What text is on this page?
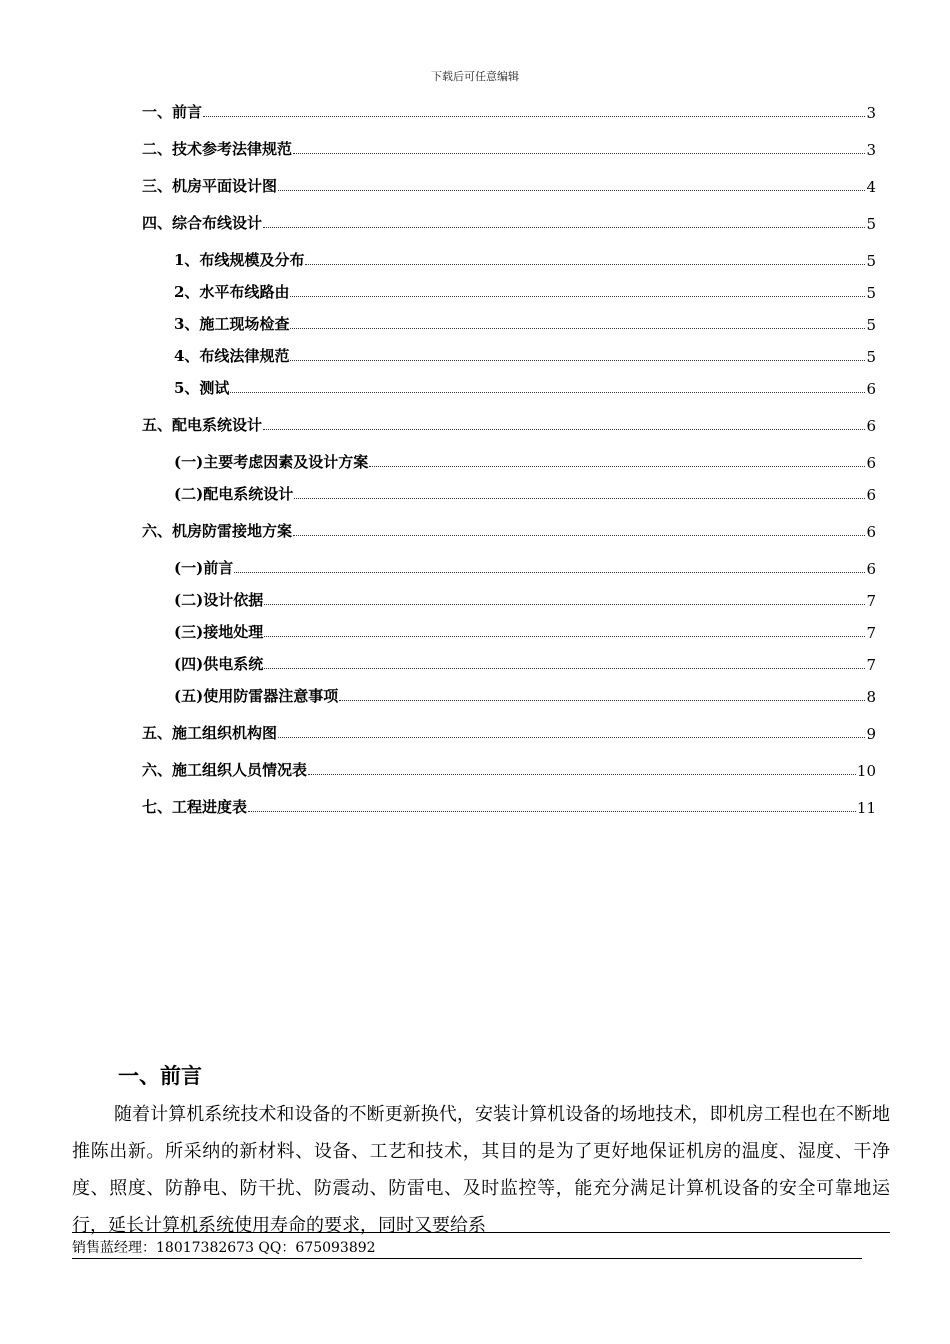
下载后可任意编辑
一、前言	3
二、技术参考法律规范	3
三、机房平面设计图	4
四、综合布线设计	5
1、布线规模及分布	5
2、水平布线路由	5
3、施工现场检查	5
4、布线法律规范	5
5、测试	6
五、配电系统设计	6
(一)主要考虑因素及设计方案	6
(二)配电系统设计	6
六、机房防雷接地方案	6
(一)前言	6
(二)设计依据	7
(三)接地处理	7
(四)供电系统	7
(五)使用防雷器注意事项	8
五、施工组织机构图	9
六、施工组织人员情况表	10
七、工程进度表	11
一、前言

随着计算机系统技术和设备的不断更新换代，安装计算机设备的场地技术，即机房工程也在不断地推陈出新。所采纳的新材料、设备、工艺和技术，其目的是为了更好地保证机房的温度、湿度、干净度、照度、防静电、防干扰、防震动、防雷电、及时监控等，能充分满足计算机设备的安全可靠地运行，延长计算机系统使用寿命的要求，同时又要给系

销售蓝经理：18017382673 QQ：675093892
